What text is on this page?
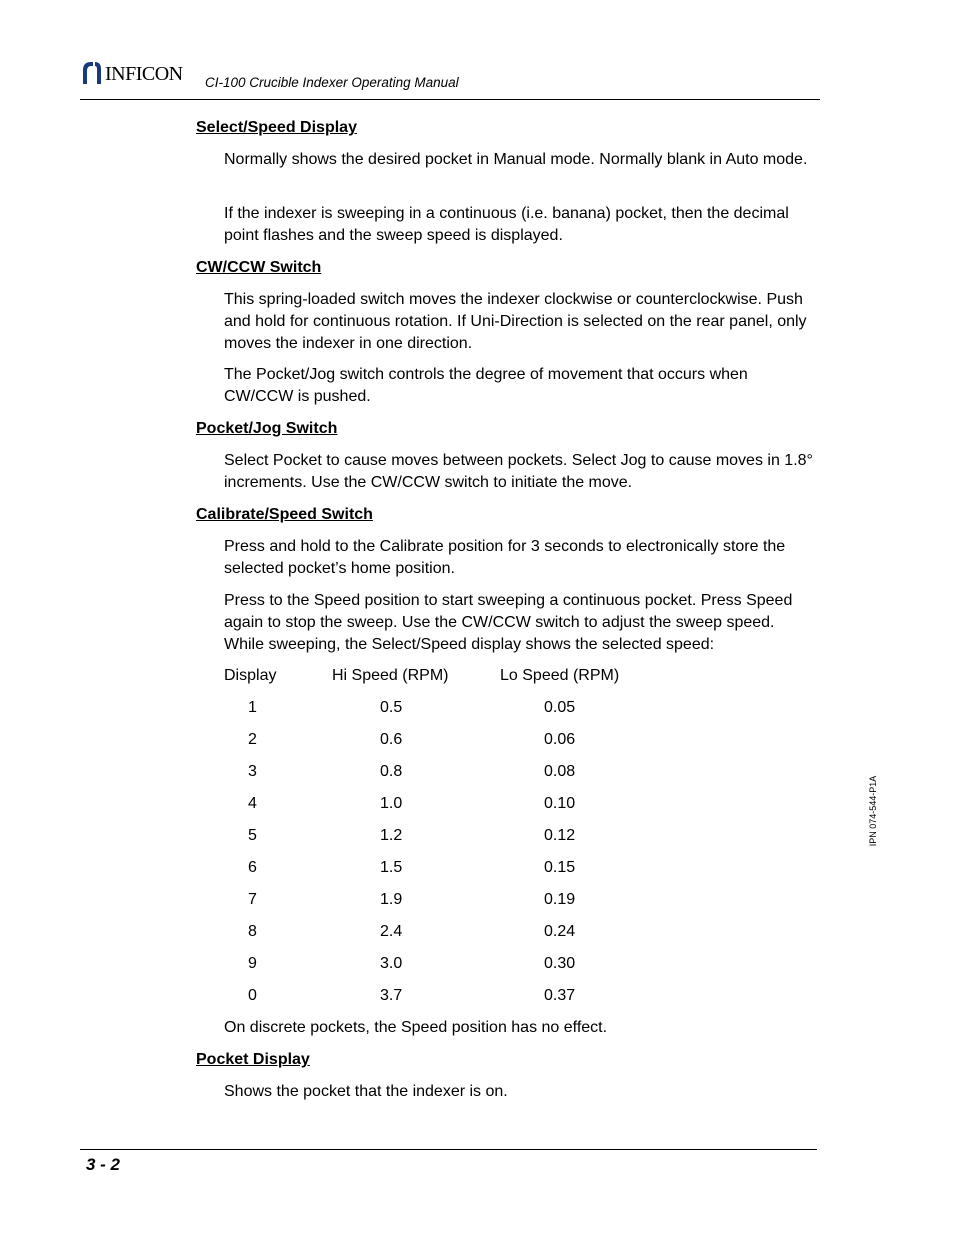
INFICON CI-100 Crucible Indexer Operating Manual
Select/Speed Display
Normally shows the desired pocket in Manual mode. Normally blank in Auto mode.
If the indexer is sweeping in a continuous (i.e. banana) pocket, then the decimal point flashes and the sweep speed is displayed.
CW/CCW Switch
This spring-loaded switch moves the indexer clockwise or counterclockwise. Push and hold for continuous rotation. If Uni-Direction is selected on the rear panel, only moves the indexer in one direction.
The Pocket/Jog switch controls the degree of movement that occurs when CW/CCW is pushed.
Pocket/Jog Switch
Select Pocket to cause moves between pockets. Select Jog to cause moves in 1.8° increments. Use the CW/CCW switch to initiate the move.
Calibrate/Speed Switch
Press and hold to the Calibrate position for 3 seconds to electronically store the selected pocket’s home position.
Press to the Speed position to start sweeping a continuous pocket. Press Speed again to stop the sweep. Use the CW/CCW switch to adjust the sweep speed. While sweeping, the Select/Speed display shows the selected speed:
Display	Hi Speed (RPM)	Lo Speed (RPM)
1	0.5	0.05
2	0.6	0.06
3	0.8	0.08
4	1.0	0.10
5	1.2	0.12
6	1.5	0.15
7	1.9	0.19
8	2.4	0.24
9	3.0	0.30
0	3.7	0.37
On discrete pockets, the Speed position has no effect.
Pocket Display
Shows the pocket that the indexer is on.
3 - 2
IPN 074-544-P1A
